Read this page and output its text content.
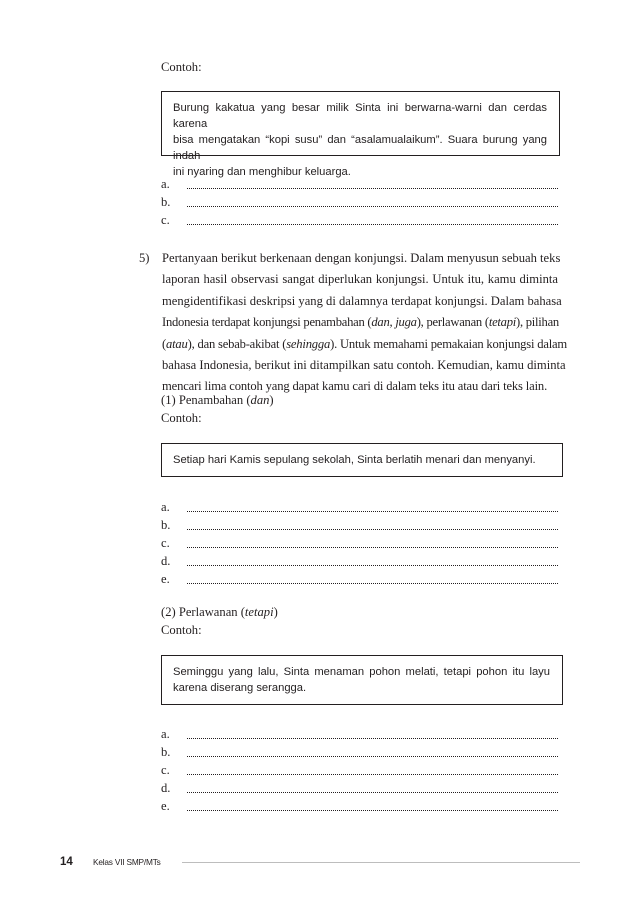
Contoh:

Burung kakatua yang besar milik Sinta ini berwarna-warni dan cerdas karena

bisa mengatakan “kopi susu” dan “asalamualaikum”. Suara burung yang indah

ini nyaring dan menghibur keluarga.

a.
b.
c.
5) Pertanyaan berikut berkenaan dengan konjungsi. Dalam menyusun sebuah teks
laporan hasil observasi sangat diperlukan konjungsi. Untuk itu, kamu diminta
mengidentifikasi deskripsi yang di dalamnya terdapat konjungsi. Dalam bahasa
Indonesia terdapat konjungsi penambahan (dan, juga), perlawanan (tetapi), pilihan
(atau), dan sebab-akibat (sehingga). Untuk memahami pemakaian konjungsi dalam
bahasa Indonesia, berikut ini ditampilkan satu contoh. Kemudian, kamu diminta
mencari lima contoh yang dapat kamu cari di dalam teks itu atau dari teks lain.
(1) Penambahan (dan)
Contoh:

Setiap hari Kamis sepulang sekolah, Sinta berlatih menari dan menyanyi.

a.
b.
c.
d.
e.
(2) Perlawanan (tetapi)
Contoh:

Seminggu yang lalu, Sinta menaman pohon melati, tetapi pohon itu layu

karena diserang serangga.

a.
b.
c.
d.
e.
14 Kelas VII SMP/MTs
